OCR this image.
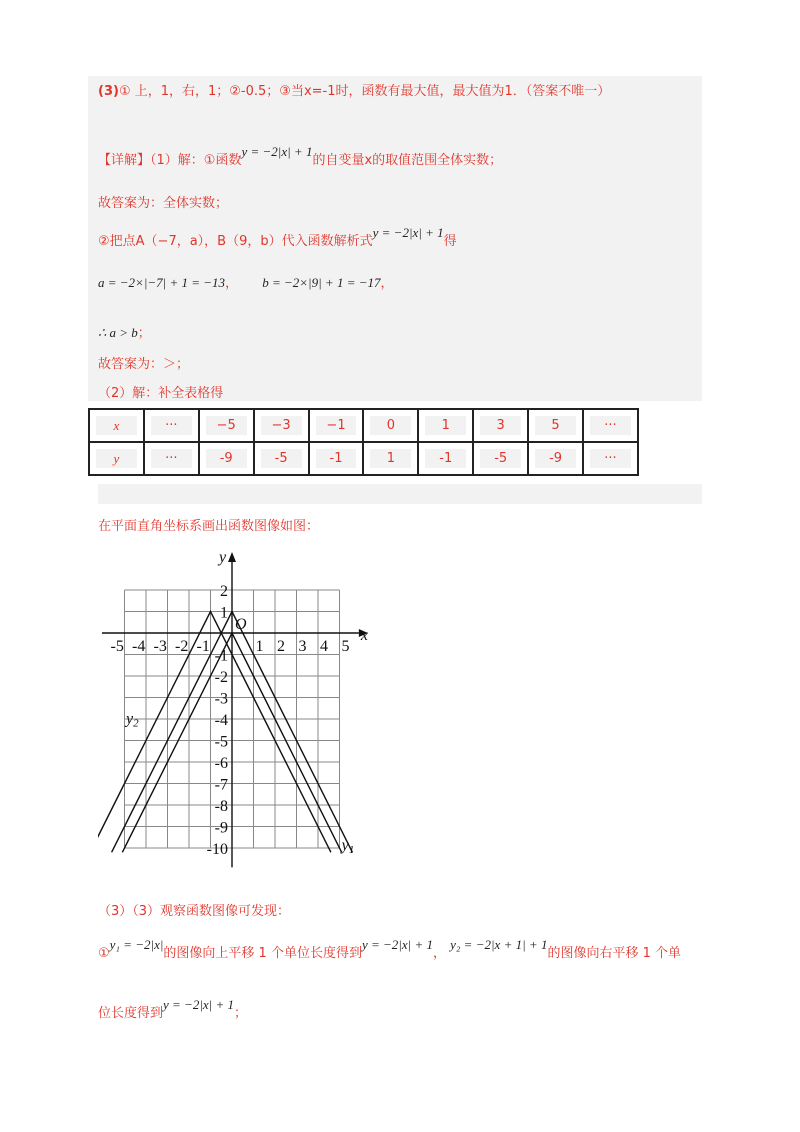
(3)① 上，1，右，1；②-0.5；③当x=-1时，函数有最大值，最大值为1．（答案不唯一）
【详解】（1）解：①函数y = −2|x| + 1的自变量x的取值范围全体实数；
故答案为：全体实数；
②把点A（−7，a），B（9，b）代入函数解析式y = −2|x| + 1得
a = −2×|−7| + 1 = −13， b = −2×|9| + 1 = −17，
∴ a > b；
故答案为：＞；
（2）解：补全表格得
x	···	−5	−3	−1	0	1	3	5	···

y	···	-9	-5	-1	1	-1	-5	-9	···
在平面直角坐标系画出函数图像如图：
-5 -4 -3 -2 -1	1 2 3 4 5
2
1
-1
-2
-3
-4
-5
-6
-7
-8
-9
-10
x
y
O
y2
y1
（3）（3）观察函数图像可发现：
①y₁ = −2|x|的图像向上平移 1 个单位长度得到y = −2|x| + 1， y₂ = −2|x + 1| + 1的图像向右平移 1 个单
位长度得到y = −2|x| + 1；
